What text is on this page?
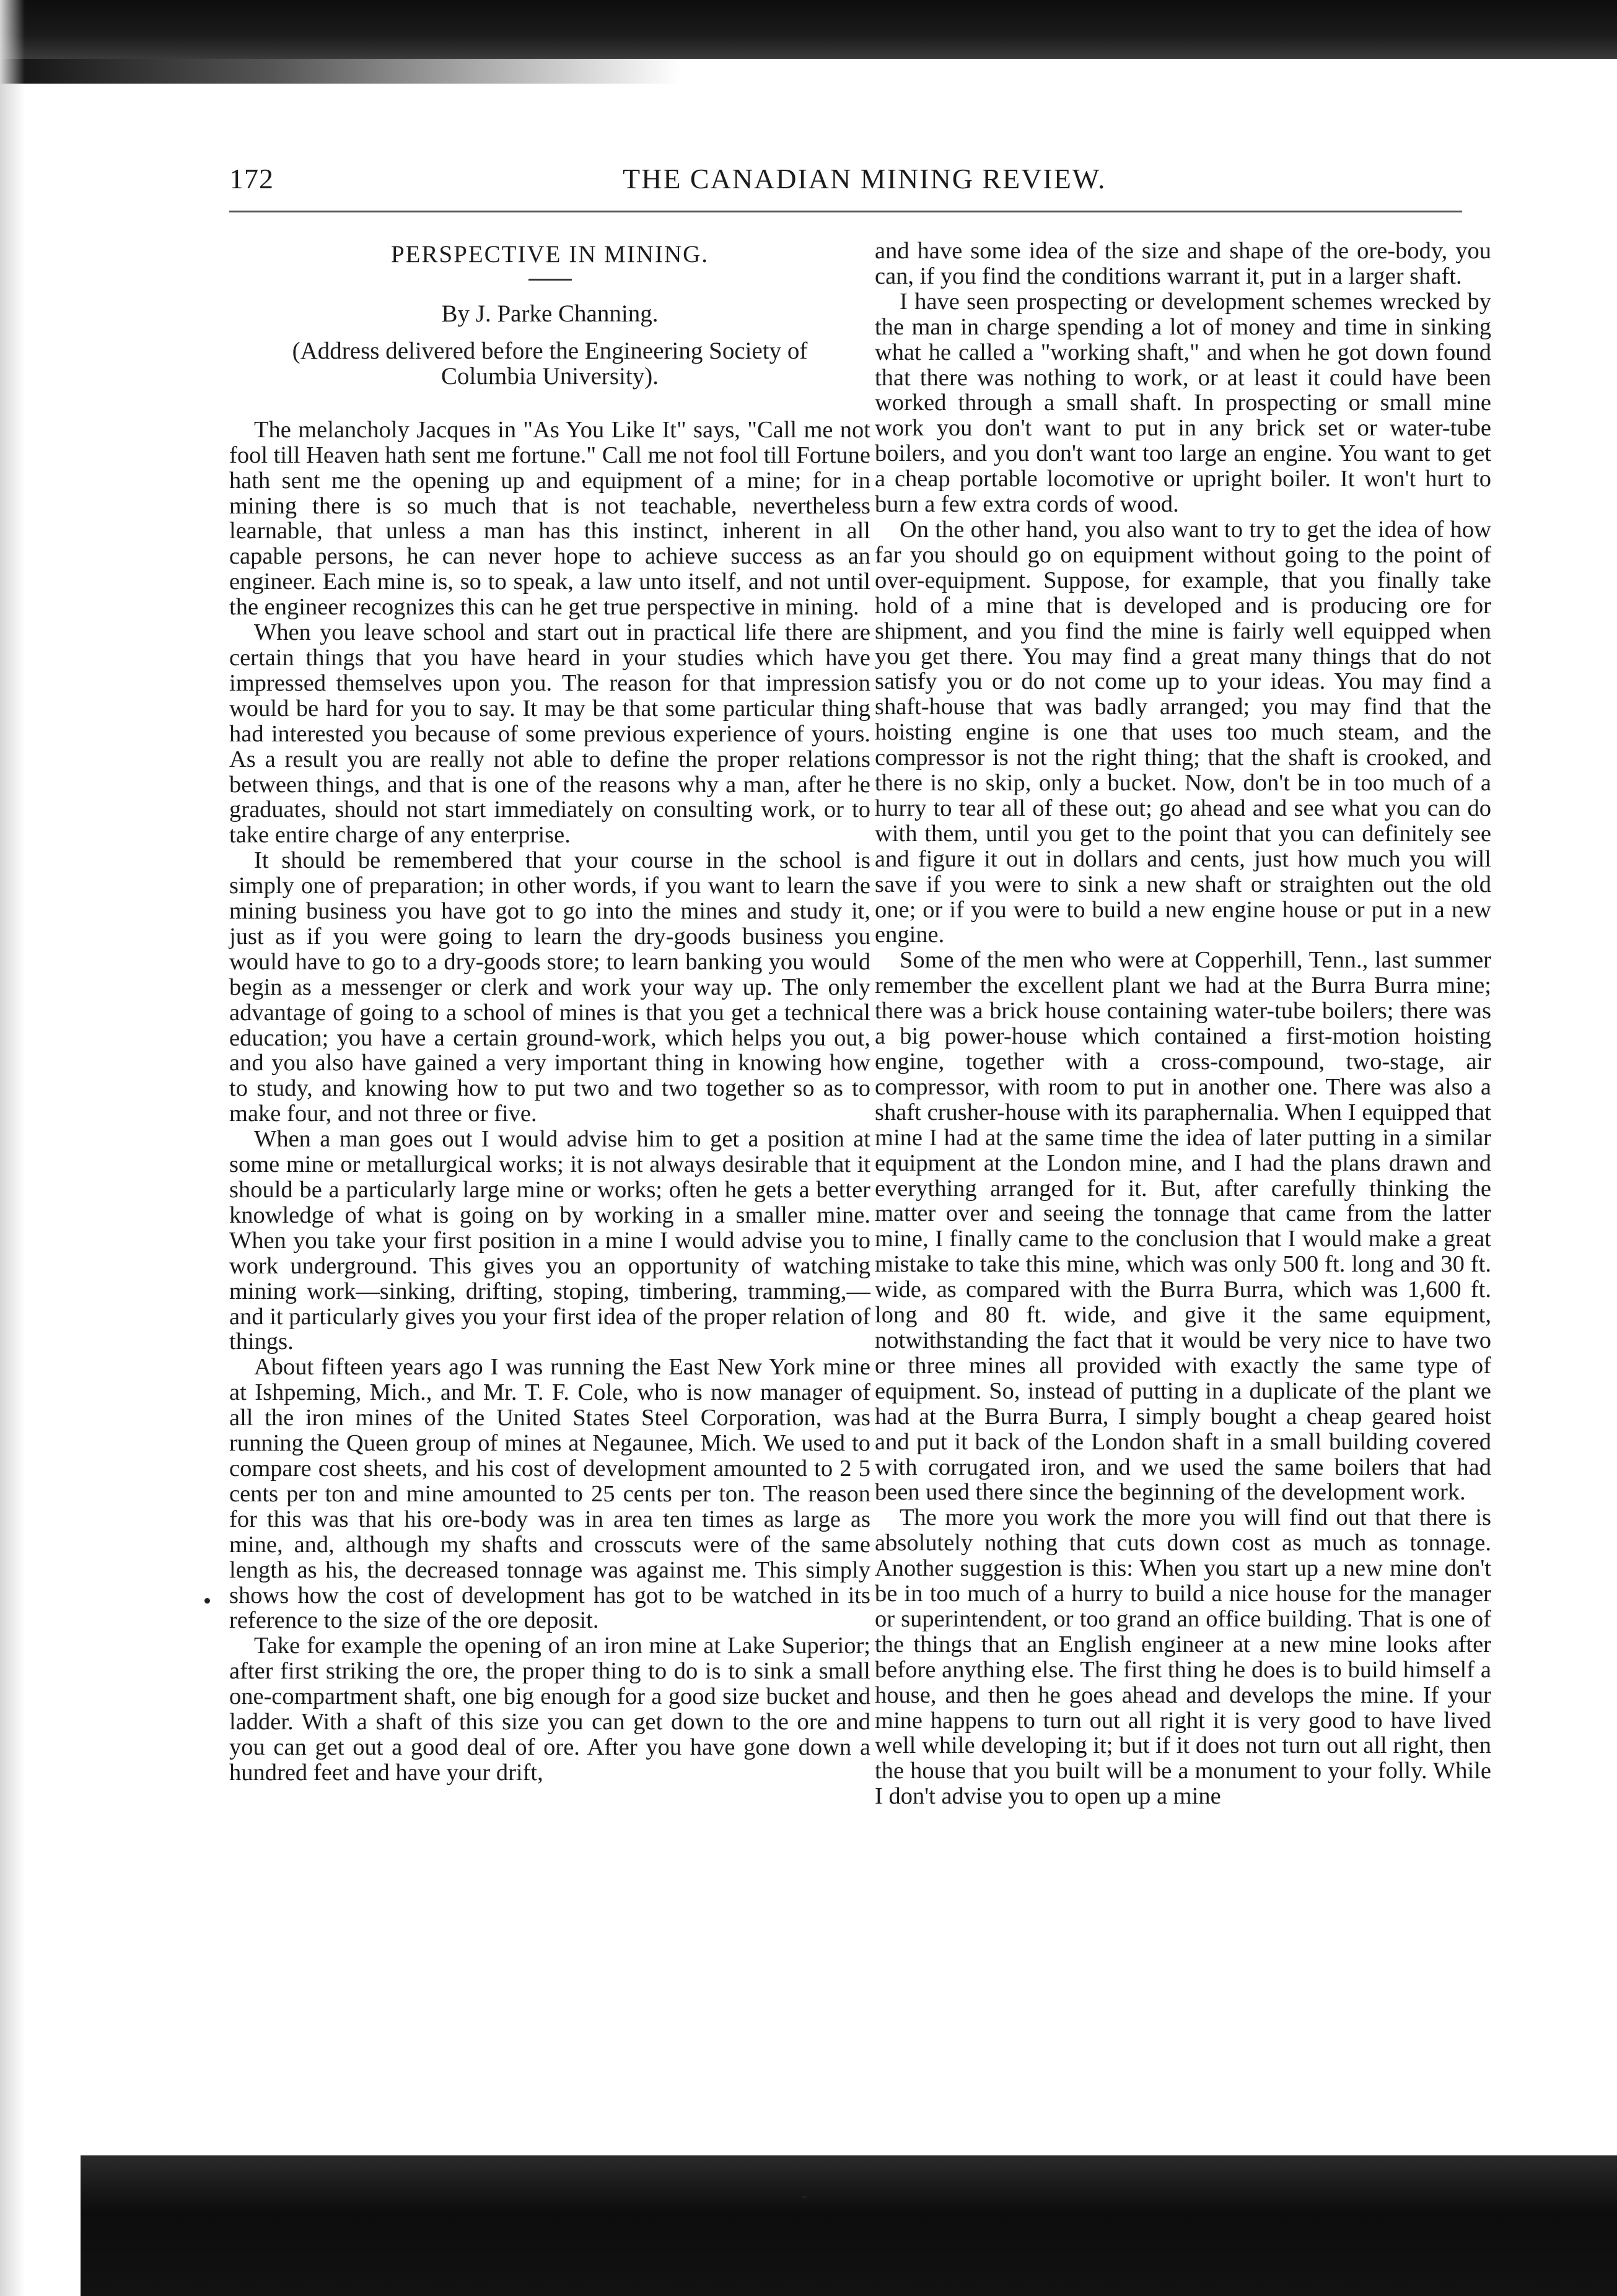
172	THE CANADIAN MINING REVIEW.
PERSPECTIVE IN MINING.
By J. Parke Channing.
(Address delivered before the Engineering Society of Columbia University).

The melancholy Jacques in "As You Like It" says, "Call me not fool till Heaven hath sent me fortune." Call me not fool till Fortune hath sent me the opening up and equipment of a mine; for in mining there is so much that is not teachable, nevertheless learnable, that unless a man has this instinct, inherent in all capable persons, he can never hope to achieve success as an engineer. Each mine is, so to speak, a law unto itself, and not until the engineer recognizes this can he get true perspective in mining.

When you leave school and start out in practical life there are certain things that you have heard in your studies which have impressed themselves upon you. The reason for that impression would be hard for you to say. It may be that some particular thing had interested you because of some previous experience of yours. As a result you are really not able to define the proper relations between things, and that is one of the reasons why a man, after he graduates, should not start immediately on consulting work, or to take entire charge of any enterprise.

It should be remembered that your course in the school is simply one of preparation; in other words, if you want to learn the mining business you have got to go into the mines and study it, just as if you were going to learn the dry-goods business you would have to go to a dry-goods store; to learn banking you would begin as a messenger or clerk and work your way up. The only advantage of going to a school of mines is that you get a technical education; you have a certain ground-work, which helps you out, and you also have gained a very important thing in knowing how to study, and knowing how to put two and two together so as to make four, and not three or five.

When a man goes out I would advise him to get a position at some mine or metallurgical works; it is not always desirable that it should be a particularly large mine or works; often he gets a better knowledge of what is going on by working in a smaller mine. When you take your first position in a mine I would advise you to work underground. This gives you an opportunity of watching mining work—sinking, drifting, stoping, timbering, tramming,—and it particularly gives you your first idea of the proper relation of things.

About fifteen years ago I was running the East New York mine at Ishpeming, Mich., and Mr. T. F. Cole, who is now manager of all the iron mines of the United States Steel Corporation, was running the Queen group of mines at Negaunee, Mich. We used to compare cost sheets, and his cost of development amounted to 2 5 cents per ton and mine amounted to 25 cents per ton. The reason for this was that his ore-body was in area ten times as large as mine, and, although my shafts and crosscuts were of the same length as his, the decreased tonnage was against me. This simply shows how the cost of development has got to be watched in its reference to the size of the ore deposit.

Take for example the opening of an iron mine at Lake Superior; after first striking the ore, the proper thing to do is to sink a small one-compartment shaft, one big enough for a good size bucket and ladder. With a shaft of this size you can get down to the ore and you can get out a good deal of ore. After you have gone down a hundred feet and have your drift,

and have some idea of the size and shape of the ore-body, you can, if you find the conditions warrant it, put in a larger shaft.

I have seen prospecting or development schemes wrecked by the man in charge spending a lot of money and time in sinking what he called a "working shaft," and when he got down found that there was nothing to work, or at least it could have been worked through a small shaft. In prospecting or small mine work you don't want to put in any brick set or water-tube boilers, and you don't want too large an engine. You want to get a cheap portable locomotive or upright boiler. It won't hurt to burn a few extra cords of wood.

On the other hand, you also want to try to get the idea of how far you should go on equipment without going to the point of over-equipment. Suppose, for example, that you finally take hold of a mine that is developed and is producing ore for shipment, and you find the mine is fairly well equipped when you get there. You may find a great many things that do not satisfy you or do not come up to your ideas. You may find a shaft-house that was badly arranged; you may find that the hoisting engine is one that uses too much steam, and the compressor is not the right thing; that the shaft is crooked, and there is no skip, only a bucket. Now, don't be in too much of a hurry to tear all of these out; go ahead and see what you can do with them, until you get to the point that you can definitely see and figure it out in dollars and cents, just how much you will save if you were to sink a new shaft or straighten out the old one; or if you were to build a new engine house or put in a new engine.

Some of the men who were at Copperhill, Tenn., last summer remember the excellent plant we had at the Burra Burra mine; there was a brick house containing water-tube boilers; there was a big power-house which contained a first-motion hoisting engine, together with a cross-compound, two-stage, air compressor, with room to put in another one. There was also a shaft crusher-house with its paraphernalia. When I equipped that mine I had at the same time the idea of later putting in a similar equipment at the London mine, and I had the plans drawn and everything arranged for it. But, after carefully thinking the matter over and seeing the tonnage that came from the latter mine, I finally came to the conclusion that I would make a great mistake to take this mine, which was only 500 ft. long and 30 ft. wide, as compared with the Burra Burra, which was 1,600 ft. long and 80 ft. wide, and give it the same equipment, notwithstanding the fact that it would be very nice to have two or three mines all provided with exactly the same type of equipment. So, instead of putting in a duplicate of the plant we had at the Burra Burra, I simply bought a cheap geared hoist and put it back of the London shaft in a small building covered with corrugated iron, and we used the same boilers that had been used there since the beginning of the development work.

The more you work the more you will find out that there is absolutely nothing that cuts down cost as much as tonnage. Another suggestion is this: When you start up a new mine don't be in too much of a hurry to build a nice house for the manager or superintendent, or too grand an office building. That is one of the things that an English engineer at a new mine looks after before anything else. The first thing he does is to build himself a house, and then he goes ahead and develops the mine. If your mine happens to turn out all right it is very good to have lived well while developing it; but if it does not turn out all right, then the house that you built will be a monument to your folly. While I don't advise you to open up a mine
